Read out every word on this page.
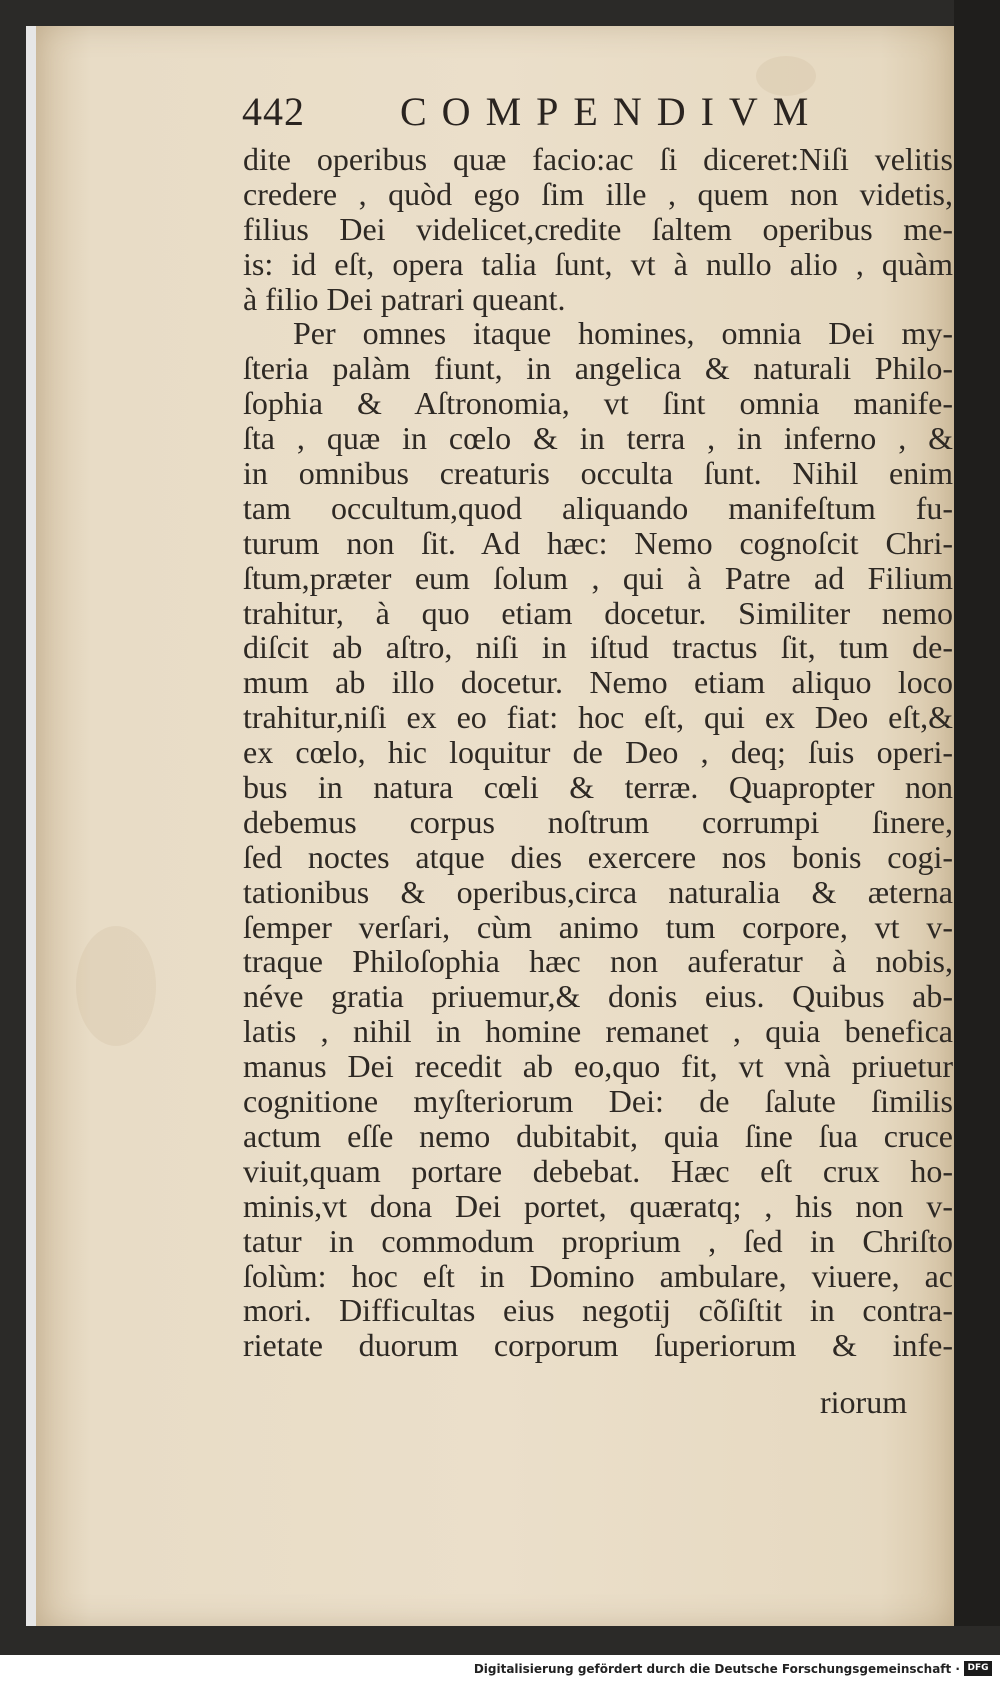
442 COMPENDIVM
dite operibus quæ facio:ac ſi diceret:Niſi velitis
credere , quòd ego ſim ille , quem non videtis,
filius Dei videlicet,credite ſaltem operibus me-
is: id eſt, opera talia ſunt, vt à nullo alio , quàm
à filio Dei patrari queant.
Per omnes itaque homines, omnia Dei my-
ſteria palàm fiunt, in angelica & naturali Philo-
ſophia & Aſtronomia, vt ſint omnia manife-
ſta , quæ in cœlo & in terra , in inferno , &
in omnibus creaturis occulta ſunt. Nihil enim
tam occultum,quod aliquando manifeſtum fu-
turum non ſit. Ad hæc: Nemo cognoſcit Chri-
ſtum,præter eum ſolum , qui à Patre ad Filium
trahitur, à quo etiam docetur. Similiter nemo
diſcit ab aſtro, niſi in iſtud tractus ſit, tum de-
mum ab illo docetur. Nemo etiam aliquo loco
trahitur,niſi ex eo fiat: hoc eſt, qui ex Deo eſt,&
ex cœlo, hic loquitur de Deo , deq; ſuis operi-
bus in natura cœli & terræ. Quapropter non
debemus corpus noſtrum corrumpi ſinere,
ſed noctes atque dies exercere nos bonis cogi-
tationibus & operibus,circa naturalia & æterna
ſemper verſari, cùm animo tum corpore, vt v-
traque Philoſophia hæc non auferatur à nobis,
néve gratia priuemur,& donis eius. Quibus ab-
latis , nihil in homine remanet , quia benefica
manus Dei recedit ab eo,quo fit, vt vnà priuetur
cognitione myſteriorum Dei: de ſalute ſimilis
actum eſſe nemo dubitabit, quia ſine ſua cruce
viuit,quam portare debebat. Hæc eſt crux ho-
minis,vt dona Dei portet, quæratq; , his non v-
tatur in commodum proprium , ſed in Chriſto
ſolùm: hoc eſt in Domino ambulare, viuere, ac
mori. Difficultas eius negotij cõſiſtit in contra-
rietate duorum corporum ſuperiorum & infe-
riorum
Digitalisierung gefördert durch die Deutsche Forschungsgemeinschaft · DFG
